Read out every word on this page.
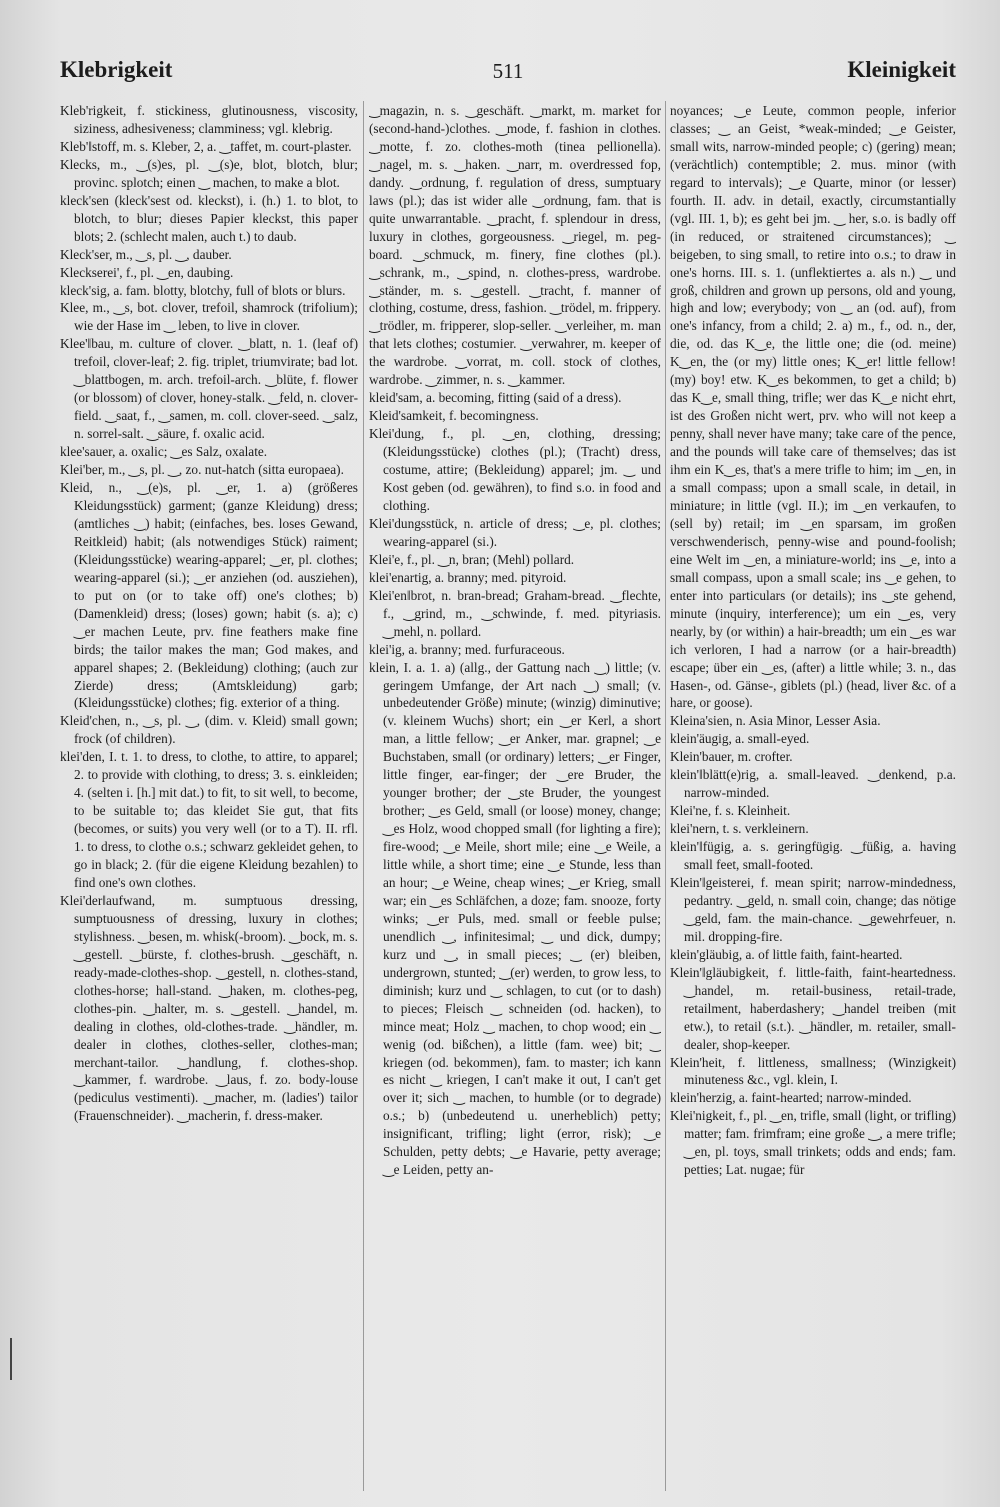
Klebrigkeit	511	Kleinigkeit

Kleb'rigkeit, f. stickiness, glutinousness, viscosity, siziness, adhesiveness; clamminess; vgl. klebrig.

Kleb'‖stoff, m. s. Kleber, 2, a. ‿taffet, m. court-plaster.

Klecks, m., ‿(s)es, pl. ‿(s)e, blot, blotch, blur; provinc. splotch; einen ‿ machen, to make a blot.

kleck'sen (kleck'sest od. kleckst), i. (h.) 1. to blot, to blotch, to blur; dieses Papier kleckst, this paper blots; 2. (schlecht malen, auch t.) to daub.

Kleck'ser, m., ‿s, pl. ‿, dauber.

Kleckserei', f., pl. ‿en, daubing.

kleck'sig, a. fam. blotty, blotchy, full of blots or blurs.

Klee, m., ‿s, bot. clover, trefoil, shamrock (trifolium); wie der Hase im ‿ leben, to live in clover.

Klee'‖bau, m. culture of clover. ‿blatt, n. 1. (leaf of) trefoil, clover-leaf; 2. fig. triplet, triumvirate; bad lot. ‿blattbogen, m. arch. trefoil-arch. ‿blüte, f. flower (or blossom) of clover, honey-stalk. ‿feld, n. clover-field. ‿saat, f., ‿samen, m. coll. clover-seed. ‿salz, n. sorrel-salt. ‿säure, f. oxalic acid.

klee'sauer, a. oxalic; ‿es Salz, oxalate.

Klei'ber, m., ‿s, pl. ‿, zo. nut-hatch (sitta europaea).

Kleid, n., ‿(e)s, pl. ‿er, 1. a) (größeres Kleidungsstück) garment; (ganze Kleidung) dress; (amtliches ‿) habit; (einfaches, bes. loses Gewand, Reitkleid) habit; (als notwendiges Stück) raiment; (Kleidungsstücke) wearing-apparel; ‿er, pl. clothes; wearing-apparel (si.); ‿er anziehen (od. ausziehen), to put on (or to take off) one's clothes; b) (Damenkleid) dress; (loses) gown; habit (s. a); c) ‿er machen Leute, prv. fine feathers make fine birds; the tailor makes the man; God makes, and apparel shapes; 2. (Bekleidung) clothing; (auch zur Zierde) dress; (Amtskleidung) garb; (Kleidungsstücke) clothes; fig. exterior of a thing.

Kleid'chen, n., ‿s, pl. ‿, (dim. v. Kleid) small gown; frock (of children).

klei'den, I. t. 1. to dress, to clothe, to attire, to apparel; 2. to provide with clothing, to dress; 3. s. einkleiden; 4. (selten i. [h.] mit dat.) to fit, to sit well, to become, to be suitable to; das kleidet Sie gut, that fits (becomes, or suits) you very well (or to a T). II. rfl. 1. to dress, to clothe o.s.; schwarz gekleidet gehen, to go in black; 2. (für die eigene Kleidung bezahlen) to find one's own clothes.

Klei'der‖aufwand, m. sumptuous dressing, sumptuousness of dressing, luxury in clothes; stylishness. ‿besen, m. whisk(-broom). ‿bock, m. s. ‿gestell. ‿bürste, f. clothes-brush. ‿geschäft, n. ready-made-clothes-shop. ‿gestell, n. clothes-stand, clothes-horse; hall-stand. ‿haken, m. clothes-peg, clothes-pin. ‿halter, m. s. ‿gestell. ‿handel, m. dealing in clothes, old-clothes-trade. ‿händler, m. dealer in clothes, clothes-seller, clothes-man; merchant-tailor. ‿handlung, f. clothes-shop. ‿kammer, f. wardrobe. ‿laus, f. zo. body-louse (pediculus vestimenti). ‿macher, m. (ladies') tailor (Frauenschneider). ‿macherin, f. dress-maker.

‿magazin, n. s. ‿geschäft. ‿markt, m. market for (second-hand-)clothes. ‿mode, f. fashion in clothes. ‿motte, f. zo. clothes-moth (tinea pellionella). ‿nagel, m. s. ‿haken. ‿narr, m. overdressed fop, dandy. ‿ordnung, f. regulation of dress, sumptuary laws (pl.); das ist wider alle ‿ordnung, fam. that is quite unwarrantable. ‿pracht, f. splendour in dress, luxury in clothes, gorgeousness. ‿riegel, m. peg-board. ‿schmuck, m. finery, fine clothes (pl.). ‿schrank, m., ‿spind, n. clothes-press, wardrobe. ‿ständer, m. s. ‿gestell. ‿tracht, f. manner of clothing, costume, dress, fashion. ‿trödel, m. frippery. ‿trödler, m. fripperer, slop-seller. ‿verleiher, m. man that lets clothes; costumier. ‿verwahrer, m. keeper of the wardrobe. ‿vorrat, m. coll. stock of clothes, wardrobe. ‿zimmer, n. s. ‿kammer.

kleid'sam, a. becoming, fitting (said of a dress).

Kleid'samkeit, f. becomingness.

Klei'dung, f., pl. ‿en, clothing, dressing; (Kleidungsstücke) clothes (pl.); (Tracht) dress, costume, attire; (Bekleidung) apparel; jm. ‿ und Kost geben (od. gewähren), to find s.o. in food and clothing.

Klei'dungsstück, n. article of dress; ‿e, pl. clothes; wearing-apparel (si.).

Klei'e, f., pl. ‿n, bran; (Mehl) pollard.

klei'enartig, a. branny; med. pityroid.

Klei'en‖brot, n. bran-bread; Graham-bread. ‿flechte, f., ‿grind, m., ‿schwinde, f. med. pityriasis. ‿mehl, n. pollard.

klei'ig, a. branny; med. furfuraceous.

klein, I. a. 1. a) (allg., der Gattung nach ‿) little; (v. geringem Umfange, der Art nach ‿) small; (v. unbedeutender Größe) minute; (winzig) diminutive; (v. kleinem Wuchs) short; ein ‿er Kerl, a short man, a little fellow; ‿er Anker, mar. grapnel; ‿e Buchstaben, small (or ordinary) letters; ‿er Finger, little finger, ear-finger; der ‿ere Bruder, the younger brother; der ‿ste Bruder, the youngest brother; ‿es Geld, small (or loose) money, change; ‿es Holz, wood chopped small (for lighting a fire); fire-wood; ‿e Meile, short mile; eine ‿e Weile, a little while, a short time; eine ‿e Stunde, less than an hour; ‿e Weine, cheap wines; ‿er Krieg, small war; ein ‿es Schläfchen, a doze; fam. snooze, forty winks; ‿er Puls, med. small or feeble pulse; unendlich ‿, infinitesimal; ‿ und dick, dumpy; kurz und ‿, in small pieces; ‿ (er) bleiben, undergrown, stunted; ‿(er) werden, to grow less, to diminish; kurz und ‿ schlagen, to cut (or to dash) to pieces; Fleisch ‿ schneiden (od. hacken), to mince meat; Holz ‿ machen, to chop wood; ein ‿ wenig (od. bißchen), a little (fam. wee) bit; ‿ kriegen (od. bekommen), fam. to master; ich kann es nicht ‿ kriegen, I can't make it out, I can't get over it; sich ‿ machen, to humble (or to degrade) o.s.; b) (unbedeutend u. unerheblich) petty; insignificant, trifling; light (error, risk); ‿e Schulden, petty debts; ‿e Havarie, petty average; ‿e Leiden, petty an-

noyances; ‿e Leute, common people, inferior classes; ‿ an Geist, *weak-minded; ‿e Geister, small wits, narrow-minded people; c) (gering) mean; (verächtlich) contemptible; 2. mus. minor (with regard to intervals); ‿e Quarte, minor (or lesser) fourth. II. adv. in detail, exactly, circumstantially (vgl. III. 1, b); es geht bei jm. ‿ her, s.o. is badly off (in reduced, or straitened circumstances); ‿ beigeben, to sing small, to retire into o.s.; to draw in one's horns. III. s. 1. (unflektiertes a. als n.) ‿ und groß, children and grown up persons, old and young, high and low; everybody; von ‿ an (od. auf), from one's infancy, from a child; 2. a) m., f., od. n., der, die, od. das K‿e, the little one; die (od. meine) K‿en, the (or my) little ones; K‿er! little fellow! (my) boy! etw. K‿es bekommen, to get a child; b) das K‿e, small thing, trifle; wer das K‿e nicht ehrt, ist des Großen nicht wert, prv. who will not keep a penny, shall never have many; take care of the pence, and the pounds will take care of themselves; das ist ihm ein K‿es, that's a mere trifle to him; im ‿en, in a small compass; upon a small scale, in detail, in miniature; in little (vgl. II.); im ‿en verkaufen, to (sell by) retail; im ‿en sparsam, im großen verschwenderisch, penny-wise and pound-foolish; eine Welt im ‿en, a miniature-world; ins ‿e, into a small compass, upon a small scale; ins ‿e gehen, to enter into particulars (or details); ins ‿ste gehend, minute (inquiry, interference); um ein ‿es, very nearly, by (or within) a hair-breadth; um ein ‿es war ich verloren, I had a narrow (or a hair-breadth) escape; über ein ‿es, (after) a little while; 3. n., das Hasen-, od. Gänse-, giblets (pl.) (head, liver &c. of a hare, or goose).

Kleina'sien, n. Asia Minor, Lesser Asia.

klein'äugig, a. small-eyed.

Klein'bauer, m. crofter.

klein'‖blätt(e)rig, a. small-leaved. ‿denkend, p.a. narrow-minded.

Klei'ne, f. s. Kleinheit.

klei'nern, t. s. verkleinern.

klein'‖fügig, a. s. geringfügig. ‿füßig, a. having small feet, small-footed.

Klein'‖geisterei, f. mean spirit; narrow-mindedness, pedantry. ‿geld, n. small coin, change; das nötige ‿geld, fam. the main-chance. ‿gewehrfeuer, n. mil. dropping-fire.

klein'gläubig, a. of little faith, faint-hearted.

Klein'‖gläubigkeit, f. little-faith, faint-heartedness. ‿handel, m. retail-business, retail-trade, retailment, haberdashery; ‿handel treiben (mit etw.), to retail (s.t.). ‿händler, m. retailer, small-dealer, shop-keeper.

Klein'heit, f. littleness, smallness; (Winzigkeit) minuteness &c., vgl. klein, I.

klein'herzig, a. faint-hearted; narrow-minded.

Klei'nigkeit, f., pl. ‿en, trifle, small (light, or trifling) matter; fam. frimfram; eine große ‿, a mere trifle; ‿en, pl. toys, small trinkets; odds and ends; fam. petties; Lat. nugae; für
